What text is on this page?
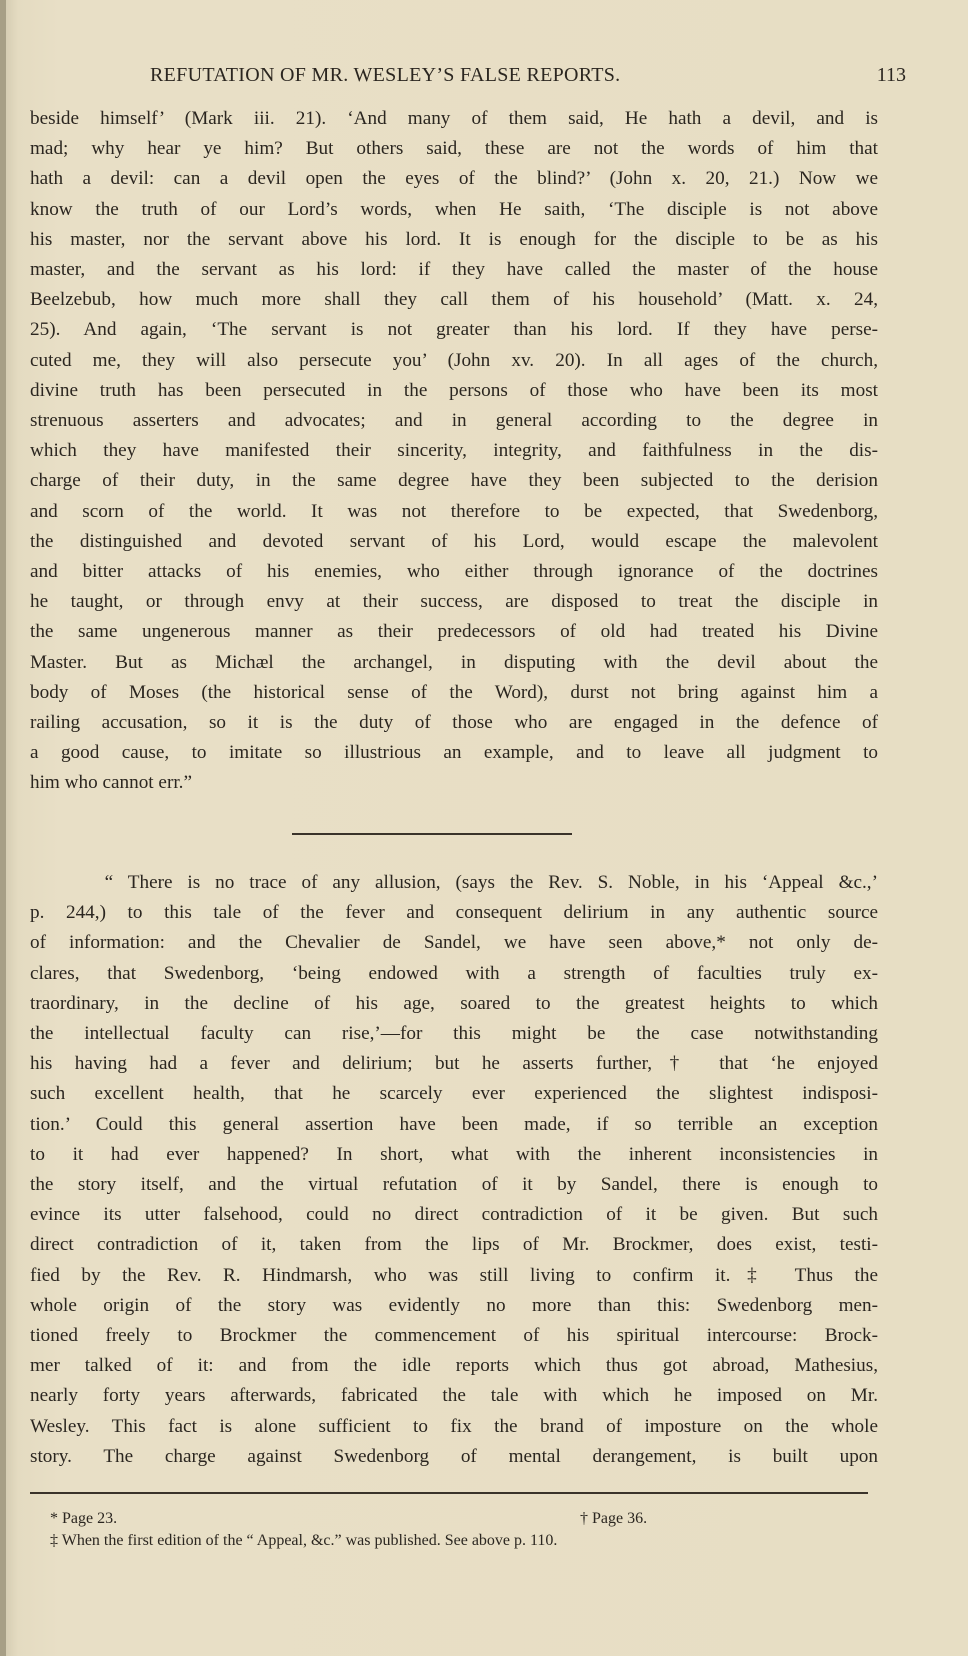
REFUTATION OF MR. WESLEY’S FALSE REPORTS.	113
beside himself’ (Mark iii. 21). ‘And many of them said, He hath a devil, and is
mad; why hear ye him? But others said, these are not the words of him that
hath a devil: can a devil open the eyes of the blind?’ (John x. 20, 21.) Now we
know the truth of our Lord’s words, when He saith, ‘The disciple is not above
his master, nor the servant above his lord. It is enough for the disciple to be as his
master, and the servant as his lord: if they have called the master of the house
Beelzebub, how much more shall they call them of his household’ (Matt. x. 24,
25). And again, ‘The servant is not greater than his lord. If they have perse-
cuted me, they will also persecute you’ (John xv. 20). In all ages of the church,
divine truth has been persecuted in the persons of those who have been its most
strenuous asserters and advocates; and in general according to the degree in
which they have manifested their sincerity, integrity, and faithfulness in the dis-
charge of their duty, in the same degree have they been subjected to the derision
and scorn of the world. It was not therefore to be expected, that Swedenborg,
the distinguished and devoted servant of his Lord, would escape the malevolent
and bitter attacks of his enemies, who either through ignorance of the doctrines
he taught, or through envy at their success, are disposed to treat the disciple in
the same ungenerous manner as their predecessors of old had treated his Divine
Master. But as Michæl the archangel, in disputing with the devil about the
body of Moses (the historical sense of the Word), durst not bring against him a
railing accusation, so it is the duty of those who are engaged in the defence of
a good cause, to imitate so illustrious an example, and to leave all judgment to
him who cannot err.”
“ There is no trace of any allusion, (says the Rev. S. Noble, in his ‘Appeal &c.,’
p. 244,) to this tale of the fever and consequent delirium in any authentic source
of information: and the Chevalier de Sandel, we have seen above,* not only de-
clares, that Swedenborg, ‘being endowed with a strength of faculties truly ex-
traordinary, in the decline of his age, soared to the greatest heights to which
the intellectual faculty can rise,’—for this might be the case notwithstanding
his having had a fever and delirium; but he asserts further,† that ‘he enjoyed
such excellent health, that he scarcely ever experienced the slightest indisposi-
tion.’ Could this general assertion have been made, if so terrible an exception
to it had ever happened? In short, what with the inherent inconsistencies in
the story itself, and the virtual refutation of it by Sandel, there is enough to
evince its utter falsehood, could no direct contradiction of it be given. But such
direct contradiction of it, taken from the lips of Mr. Brockmer, does exist, testi-
fied by the Rev. R. Hindmarsh, who was still living to confirm it.‡ Thus the
whole origin of the story was evidently no more than this: Swedenborg men-
tioned freely to Brockmer the commencement of his spiritual intercourse: Brock-
mer talked of it: and from the idle reports which thus got abroad, Mathesius,
nearly forty years afterwards, fabricated the tale with which he imposed on Mr.
Wesley. This fact is alone sufficient to fix the brand of imposture on the whole
story. The charge against Swedenborg of mental derangement, is built upon
* Page 23.	† Page 36.
‡ When the first edition of the “ Appeal, &c.” was published. See above p. 110.
